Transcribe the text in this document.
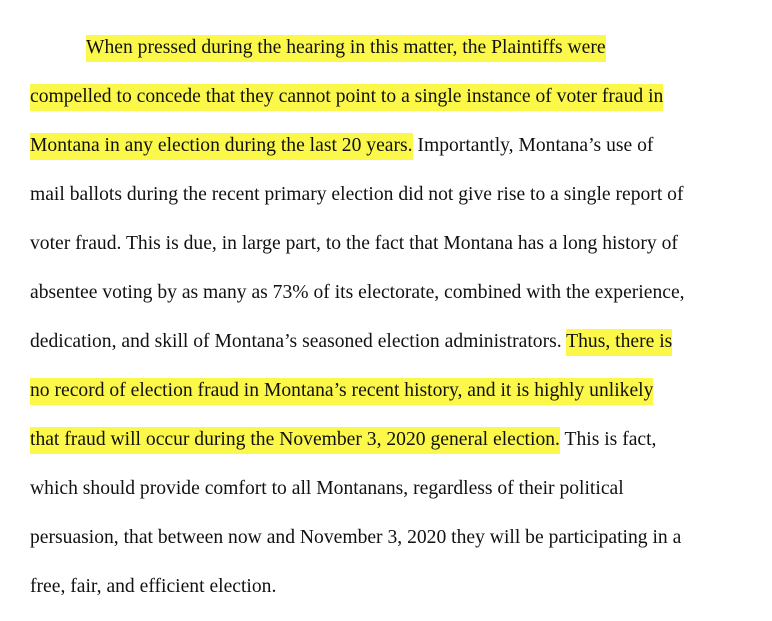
When pressed during the hearing in this matter, the Plaintiffs were
compelled to concede that they cannot point to a single instance of voter fraud in
Montana in any election during the last 20 years. Importantly, Montana’s use of
mail ballots during the recent primary election did not give rise to a single report of
voter fraud. This is due, in large part, to the fact that Montana has a long history of
absentee voting by as many as 73% of its electorate, combined with the experience,
dedication, and skill of Montana’s seasoned election administrators. Thus, there is
no record of election fraud in Montana’s recent history, and it is highly unlikely
that fraud will occur during the November 3, 2020 general election. This is fact,
which should provide comfort to all Montanans, regardless of their political
persuasion, that between now and November 3, 2020 they will be participating in a
free, fair, and efficient election.
